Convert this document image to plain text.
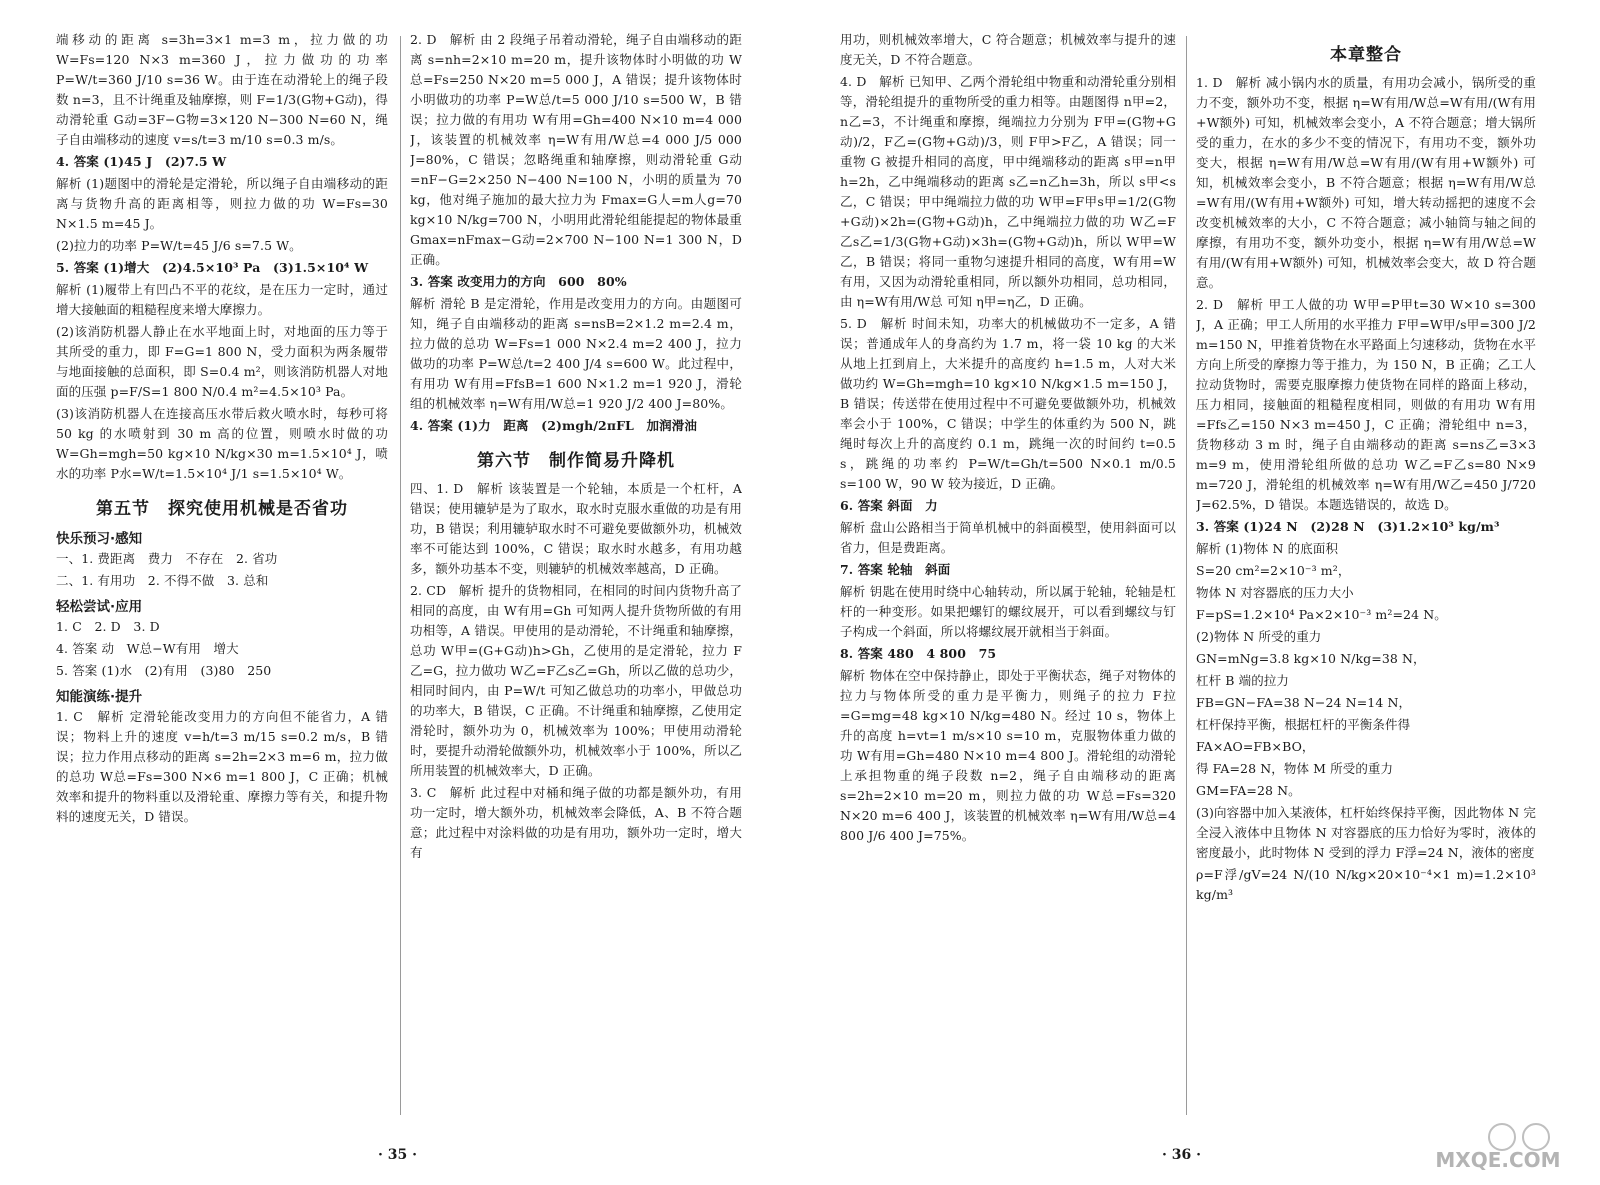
端移动的距离 s=3h=3×1 m=3 m，拉力做的功 W=Fs=120 N×3 m=360 J，拉力做功的功率 P=W/t=360 J/10 s=36 W。由于连在动滑轮上的绳子段数 n=3，且不计绳重及轴摩擦，则 F=1/3(G物+G动)，得动滑轮重 G动=3F−G物=3×120 N−300 N=60 N，绳子自由端移动的速度 v=s/t=3 m/10 s=0.3 m/s。

4. 答案 (1)45 J　(2)7.5 W

解析 (1)题图中的滑轮是定滑轮，所以绳子自由端移动的距离与货物升高的距离相等，则拉力做的功 W=Fs=30 N×1.5 m=45 J。

(2)拉力的功率 P=W/t=45 J/6 s=7.5 W。

5. 答案 (1)增大　(2)4.5×10³ Pa　(3)1.5×10⁴ W

解析 (1)履带上有凹凸不平的花纹，是在压力一定时，通过增大接触面的粗糙程度来增大摩擦力。

(2)该消防机器人静止在水平地面上时，对地面的压力等于其所受的重力，即 F=G=1 800 N，受力面积为两条履带与地面接触的总面积，即 S=0.4 m²，则该消防机器人对地面的压强 p=F/S=1 800 N/0.4 m²=4.5×10³ Pa。

(3)该消防机器人在连接高压水带后救火喷水时，每秒可将 50 kg 的水喷射到 30 m 高的位置，则喷水时做的功 W=Gh=mgh=50 kg×10 N/kg×30 m=1.5×10⁴ J，喷水的功率 P水=W/t=1.5×10⁴ J/1 s=1.5×10⁴ W。

第五节　探究使用机械是否省功
快乐预习·感知

一、1. 费距离　费力　不存在　2. 省功

二、1. 有用功　2. 不得不做　3. 总和

轻松尝试·应用

1. C　2. D　3. D

4. 答案 动　W总−W有用　增大

5. 答案 (1)水　(2)有用　(3)80　250

知能演练·提升

1. C　解析 定滑轮能改变用力的方向但不能省力，A 错误；物料上升的速度 v=h/t=3 m/15 s=0.2 m/s，B 错误；拉力作用点移动的距离 s=2h=2×3 m=6 m，拉力做的总功 W总=Fs=300 N×6 m=1 800 J，C 正确；机械效率和提升的物料重以及滑轮重、摩擦力等有关，和提升物料的速度无关，D 错误。

2. D　解析 由 2 段绳子吊着动滑轮，绳子自由端移动的距离 s=nh=2×10 m=20 m，提升该物体时小明做的功 W总=Fs=250 N×20 m=5 000 J，A 错误；提升该物体时小明做功的功率 P=W总/t=5 000 J/10 s=500 W，B 错误；拉力做的有用功 W有用=Gh=400 N×10 m=4 000 J，该装置的机械效率 η=W有用/W总=4 000 J/5 000 J=80%，C 错误；忽略绳重和轴摩擦，则动滑轮重 G动=nF−G=2×250 N−400 N=100 N，小明的质量为 70 kg，他对绳子施加的最大拉力为 Fmax=G人=m人g=70 kg×10 N/kg=700 N，小明用此滑轮组能提起的物体最重 Gmax=nFmax−G动=2×700 N−100 N=1 300 N，D 正确。

3. 答案 改变用力的方向　600　80%

解析 滑轮 B 是定滑轮，作用是改变用力的方向。由题图可知，绳子自由端移动的距离 s=nsB=2×1.2 m=2.4 m，拉力做的总功 W=Fs=1 000 N×2.4 m=2 400 J，拉力做功的功率 P=W总/t=2 400 J/4 s=600 W。此过程中，有用功 W有用=FfsB=1 600 N×1.2 m=1 920 J，滑轮组的机械效率 η=W有用/W总=1 920 J/2 400 J=80%。

4. 答案 (1)力　距离　(2)mgh/2πFL　加润滑油

第六节　制作简易升降机

四、1. D　解析 该装置是一个轮轴，本质是一个杠杆，A 错误；使用辘轳是为了取水，取水时克服水重做的功是有用功，B 错误；利用辘轳取水时不可避免要做额外功，机械效率不可能达到 100%，C 错误；取水时水越多，有用功越多，额外功基本不变，则辘轳的机械效率越高，D 正确。

2. CD　解析 提升的货物相同，在相同的时间内货物升高了相同的高度，由 W有用=Gh 可知两人提升货物所做的有用功相等，A 错误。甲使用的是动滑轮，不计绳重和轴摩擦，总功 W甲=(G+G动)h>Gh，乙使用的是定滑轮，拉力 F乙=G，拉力做功 W乙=F乙s乙=Gh，所以乙做的总功少，相同时间内，由 P=W/t 可知乙做总功的功率小，甲做总功的功率大，B 错误，C 正确。不计绳重和轴摩擦，乙使用定滑轮时，额外功为 0，机械效率为 100%；甲使用动滑轮时，要提升动滑轮做额外功，机械效率小于 100%，所以乙所用装置的机械效率大，D 正确。

3. C　解析 此过程中对桶和绳子做的功都是额外功，有用功一定时，增大额外功，机械效率会降低，A、B 不符合题意；此过程中对涂料做的功是有用功，额外功一定时，增大有

· 35 ·

用功，则机械效率增大，C 符合题意；机械效率与提升的速度无关，D 不符合题意。

4. D　解析 已知甲、乙两个滑轮组中物重和动滑轮重分别相等，滑轮组提升的重物所受的重力相等。由题图得 n甲=2，n乙=3，不计绳重和摩擦，绳端拉力分别为 F甲=(G物+G动)/2，F乙=(G物+G动)/3，则 F甲>F乙，A 错误；同一重物 G 被提升相同的高度，甲中绳端移动的距离 s甲=n甲h=2h，乙中绳端移动的距离 s乙=n乙h=3h，所以 s甲<s乙，C 错误；甲中绳端拉力做的功 W甲=F甲s甲=1/2(G物+G动)×2h=(G物+G动)h，乙中绳端拉力做的功 W乙=F乙s乙=1/3(G物+G动)×3h=(G物+G动)h，所以 W甲=W乙，B 错误；将同一重物匀速提升相同的高度，W有用=W有用，又因为动滑轮重相同，所以额外功相同，总功相同，由 η=W有用/W总 可知 η甲=η乙，D 正确。

5. D　解析 时间未知，功率大的机械做功不一定多，A 错误；普通成年人的身高约为 1.7 m，将一袋 10 kg 的大米从地上扛到肩上，大米提升的高度约 h=1.5 m，人对大米做功约 W=Gh=mgh=10 kg×10 N/kg×1.5 m=150 J，B 错误；传送带在使用过程中不可避免要做额外功，机械效率会小于 100%，C 错误；中学生的体重约为 500 N，跳绳时每次上升的高度约 0.1 m，跳绳一次的时间约 t=0.5 s，跳绳的功率约 P=W/t=Gh/t=500 N×0.1 m/0.5 s=100 W，90 W 较为接近，D 正确。

6. 答案 斜面　力

解析 盘山公路相当于简单机械中的斜面模型，使用斜面可以省力，但是费距离。

7. 答案 轮轴　斜面

解析 钥匙在使用时绕中心轴转动，所以属于轮轴，轮轴是杠杆的一种变形。如果把螺钉的螺纹展开，可以看到螺纹与钉子构成一个斜面，所以将螺纹展开就相当于斜面。

8. 答案 480　4 800　75

解析 物体在空中保持静止，即处于平衡状态，绳子对物体的拉力与物体所受的重力是平衡力，则绳子的拉力 F拉=G=mg=48 kg×10 N/kg=480 N。经过 10 s，物体上升的高度 h=vt=1 m/s×10 s=10 m，克服物体重力做的功 W有用=Gh=480 N×10 m=4 800 J。滑轮组的动滑轮上承担物重的绳子段数 n=2，绳子自由端移动的距离 s=2h=2×10 m=20 m，则拉力做的功 W总=Fs=320 N×20 m=6 400 J，该装置的机械效率 η=W有用/W总=4 800 J/6 400 J=75%。

本章整合

1. D　解析 减小锅内水的质量，有用功会减小，锅所受的重力不变，额外功不变，根据 η=W有用/W总=W有用/(W有用+W额外) 可知，机械效率会变小，A 不符合题意；增大锅所受的重力，在水的多少不变的情况下，有用功不变，额外功变大，根据 η=W有用/W总=W有用/(W有用+W额外) 可知，机械效率会变小，B 不符合题意；根据 η=W有用/W总=W有用/(W有用+W额外) 可知，增大转动摇把的速度不会改变机械效率的大小，C 不符合题意；减小轴筒与轴之间的摩擦，有用功不变，额外功变小，根据 η=W有用/W总=W有用/(W有用+W额外) 可知，机械效率会变大，故 D 符合题意。

2. D　解析 甲工人做的功 W甲=P甲t=30 W×10 s=300 J，A 正确；甲工人所用的水平推力 F甲=W甲/s甲=300 J/2 m=150 N，甲推着货物在水平路面上匀速移动，货物在水平方向上所受的摩擦力等于推力，为 150 N，B 正确；乙工人拉动货物时，需要克服摩擦力使货物在同样的路面上移动，压力相同，接触面的粗糙程度相同，则做的有用功 W有用=Ffs乙=150 N×3 m=450 J，C 正确；滑轮组中 n=3，货物移动 3 m 时，绳子自由端移动的距离 s=ns乙=3×3 m=9 m，使用滑轮组所做的总功 W乙=F乙s=80 N×9 m=720 J，滑轮组的机械效率 η=W有用/W乙=450 J/720 J=62.5%，D 错误。本题选错误的，故选 D。

3. 答案 (1)24 N　(2)28 N　(3)1.2×10³ kg/m³

解析 (1)物体 N 的底面积

S=20 cm²=2×10⁻³ m²，

物体 N 对容器底的压力大小

F=pS=1.2×10⁴ Pa×2×10⁻³ m²=24 N。

(2)物体 N 所受的重力

GN=mNg=3.8 kg×10 N/kg=38 N，

杠杆 B 端的拉力

FB=GN−FA=38 N−24 N=14 N，

杠杆保持平衡，根据杠杆的平衡条件得

FA×AO=FB×BO，

得 FA=28 N，物体 M 所受的重力

GM=FA=28 N。

(3)向容器中加入某液体，杠杆始终保持平衡，因此物体 N 完全浸入液体中且物体 N 对容器底的压力恰好为零时，液体的密度最小，此时物体 N 受到的浮力 F浮=24 N，液体的密度

ρ=F浮/gV=24 N/(10 N/kg×20×10⁻⁴×1 m)=1.2×10³ kg/m³

· 36 ·	MXQE.COM
